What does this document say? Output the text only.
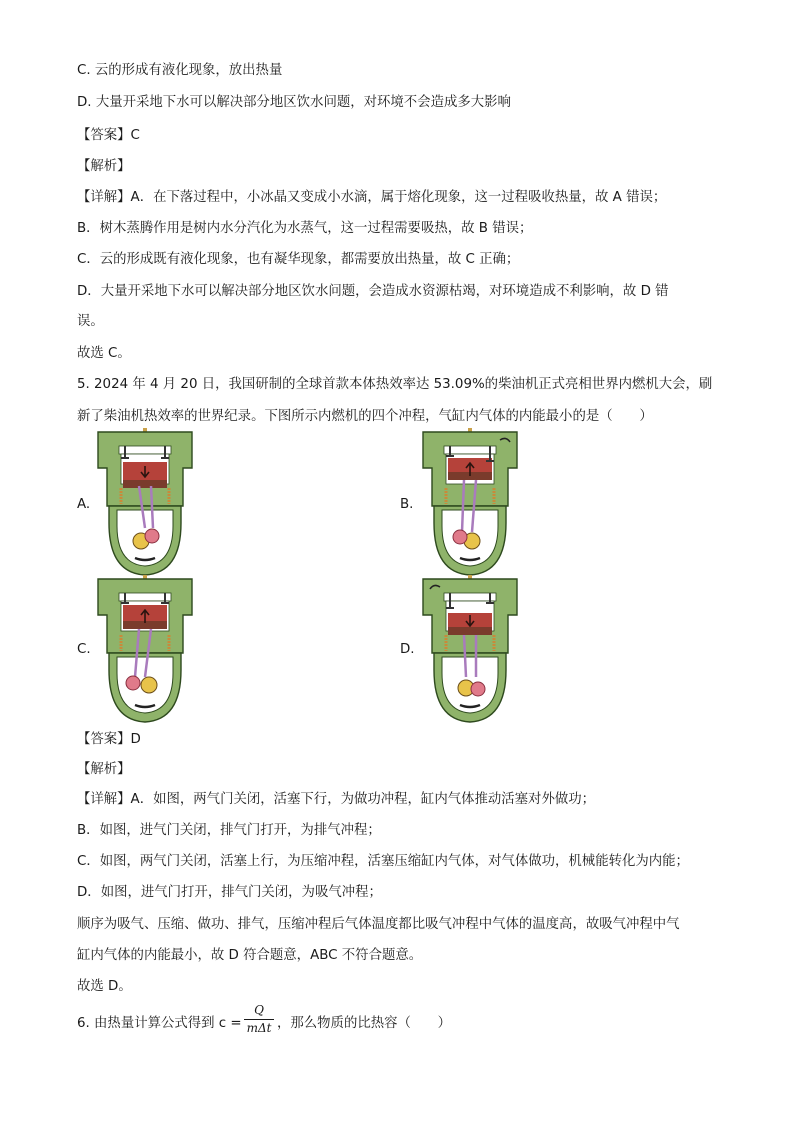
C. 云的形成有液化现象，放出热量
D. 大量开采地下水可以解决部分地区饮水问题，对环境不会造成多大影响
【答案】C
【解析】
【详解】A．在下落过程中，小冰晶又变成小水滴，属于熔化现象，这一过程吸收热量，故 A 错误；
B．树木蒸腾作用是树内水分汽化为水蒸气，这一过程需要吸热，故 B 错误；
C．云的形成既有液化现象，也有凝华现象，都需要放出热量，故 C 正确；
D．大量开采地下水可以解决部分地区饮水问题，会造成水资源枯竭，对环境造成不利影响，故 D 错
误。
故选 C。
5. 2024 年 4 月 20 日，我国研制的全球首款本体热效率达 53.09%的柴油机正式亮相世界内燃机大会，刷
新了柴油机热效率的世界纪录。下图所示内燃机的四个冲程，气缸内气体的内能最小的是（　　）
A.	B.
C.	D.
【答案】D
【解析】
【详解】A．如图，两气门关闭，活塞下行，为做功冲程，缸内气体推动活塞对外做功；
B．如图，进气门关闭，排气门打开，为排气冲程；
C．如图，两气门关闭，活塞上行，为压缩冲程，活塞压缩缸内气体，对气体做功，机械能转化为内能；
D．如图，进气门打开，排气门关闭，为吸气冲程；
顺序为吸气、压缩、做功、排气，压缩冲程后气体温度都比吸气冲程中气体的温度高，故吸气冲程中气
缸内气体的内能最小，故 D 符合题意，ABC 不符合题意。
故选 D。
6. 由热量计算公式得到 c =
Q
mΔt ，那么物质的比热容（　　）
